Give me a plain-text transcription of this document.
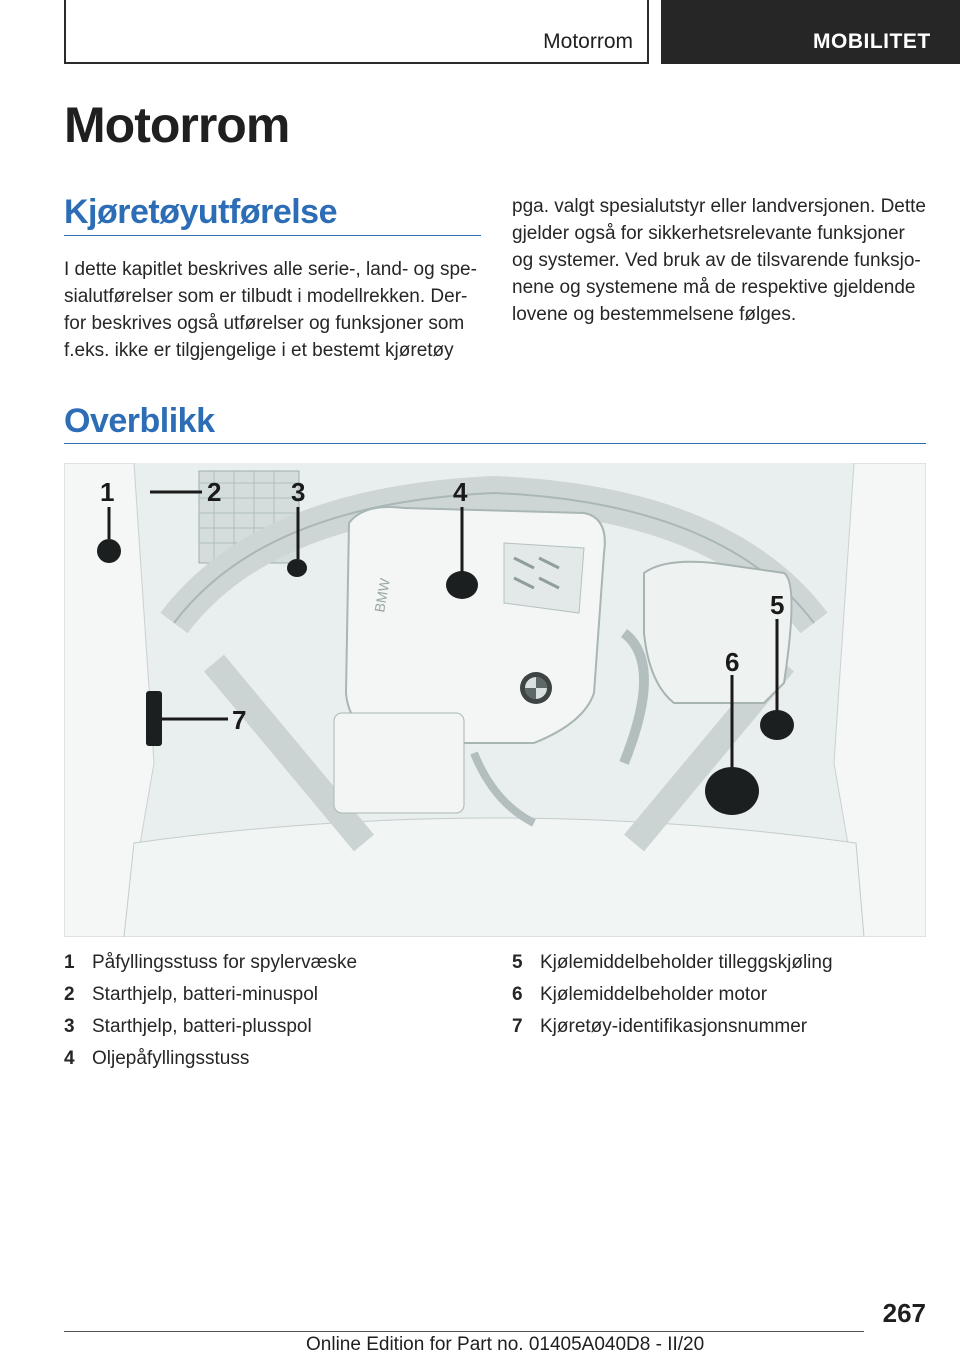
Motorrom	MOBILITET
Motorrom
Kjøretøyutførelse

I dette kapitlet beskrives alle serie-, land- og spe-
sialutførelser som er tilbudt i modellrekken. Der-
for beskrives også utførelser og funksjoner som
f.eks. ikke er tilgjengelige i et bestemt kjøretøy

pga. valgt spesialutstyr eller landversjonen. Dette
gjelder også for sikkerhetsrelevante funksjoner
og systemer. Ved bruk av de tilsvarende funksjo-
nene og systemene må de respektive gjeldende
lovene og bestemmelsene følges.

Overblikk
BMW
1	2	3	4
5
6
7
1 Påfyllingsstuss for spylervæske
2 Starthjelp, batteri-minuspol
3 Starthjelp, batteri-plusspol
4 Oljepåfyllingsstuss
5 Kjølemiddelbeholder tilleggskjøling
6 Kjølemiddelbeholder motor
7 Kjøretøy-identifikasjonsnummer
267
Online Edition for Part no. 01405A040D8 - II/20
